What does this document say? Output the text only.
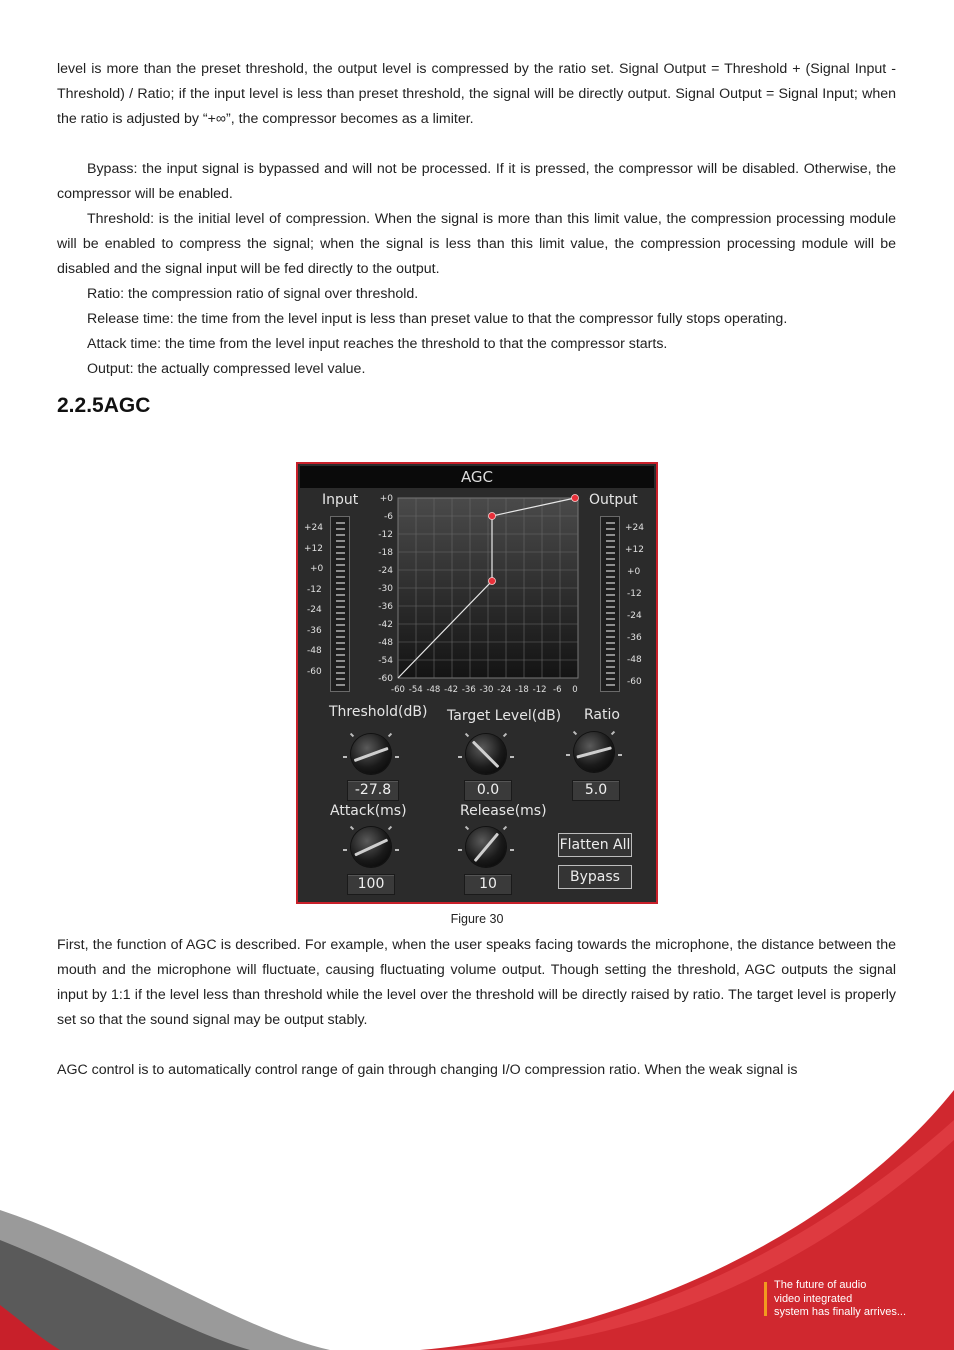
level is more than the preset threshold, the output level is compressed by the ratio set. Signal Output = Threshold + (Signal Input - Threshold) / Ratio; if the input level is less than preset threshold, the signal will be directly output. Signal Output = Signal Input; when the ratio is adjusted by “+∞”, the compressor becomes as a limiter.

Bypass: the input signal is bypassed and will not be processed. If it is pressed, the compressor will be disabled. Otherwise, the compressor will be enabled.

Threshold: is the initial level of compression. When the signal is more than this limit value, the compression processing module will be enabled to compress the signal; when the signal is less than this limit value, the compression processing module will be disabled and the signal input will be fed directly to the output.

Ratio: the compression ratio of signal over threshold.

Release time: the time from the level input is less than preset value to that the compressor fully stops operating.

Attack time: the time from the level input reaches the threshold to that the compressor starts.

Output: the actually compressed level value.

2.2.5AGC
AGC
Input	Output
+24
+12
+0
-12
-24
-36
-48
-60
+24
+12
+0
-12
-24
-36
-48
-60
+0
-6
-12
-18
-24
-30
-36
-42
-48
-54
-60
-60 -54 -48 -42 -36 -30 -24 -18 -12 -6 0
Threshold(dB) Target Level(dB) Ratio
-27.8	0.0	5.0
Attack(ms)	Release(ms)
100	10
Flatten All
Bypass
Figure 30

First, the function of AGC is described. For example, when the user speaks facing towards the microphone, the distance between the mouth and the microphone will fluctuate, causing fluctuating volume output. Though setting the threshold, AGC outputs the signal input by 1:1 if the level less than threshold while the level over the threshold will be directly raised by ratio. The target level is properly set so that the sound signal may be output stably.

AGC control is to automatically control range of gain through changing I/O compression ratio. When the weak signal is

The future of audio
video integrated
system has finally arrives...
